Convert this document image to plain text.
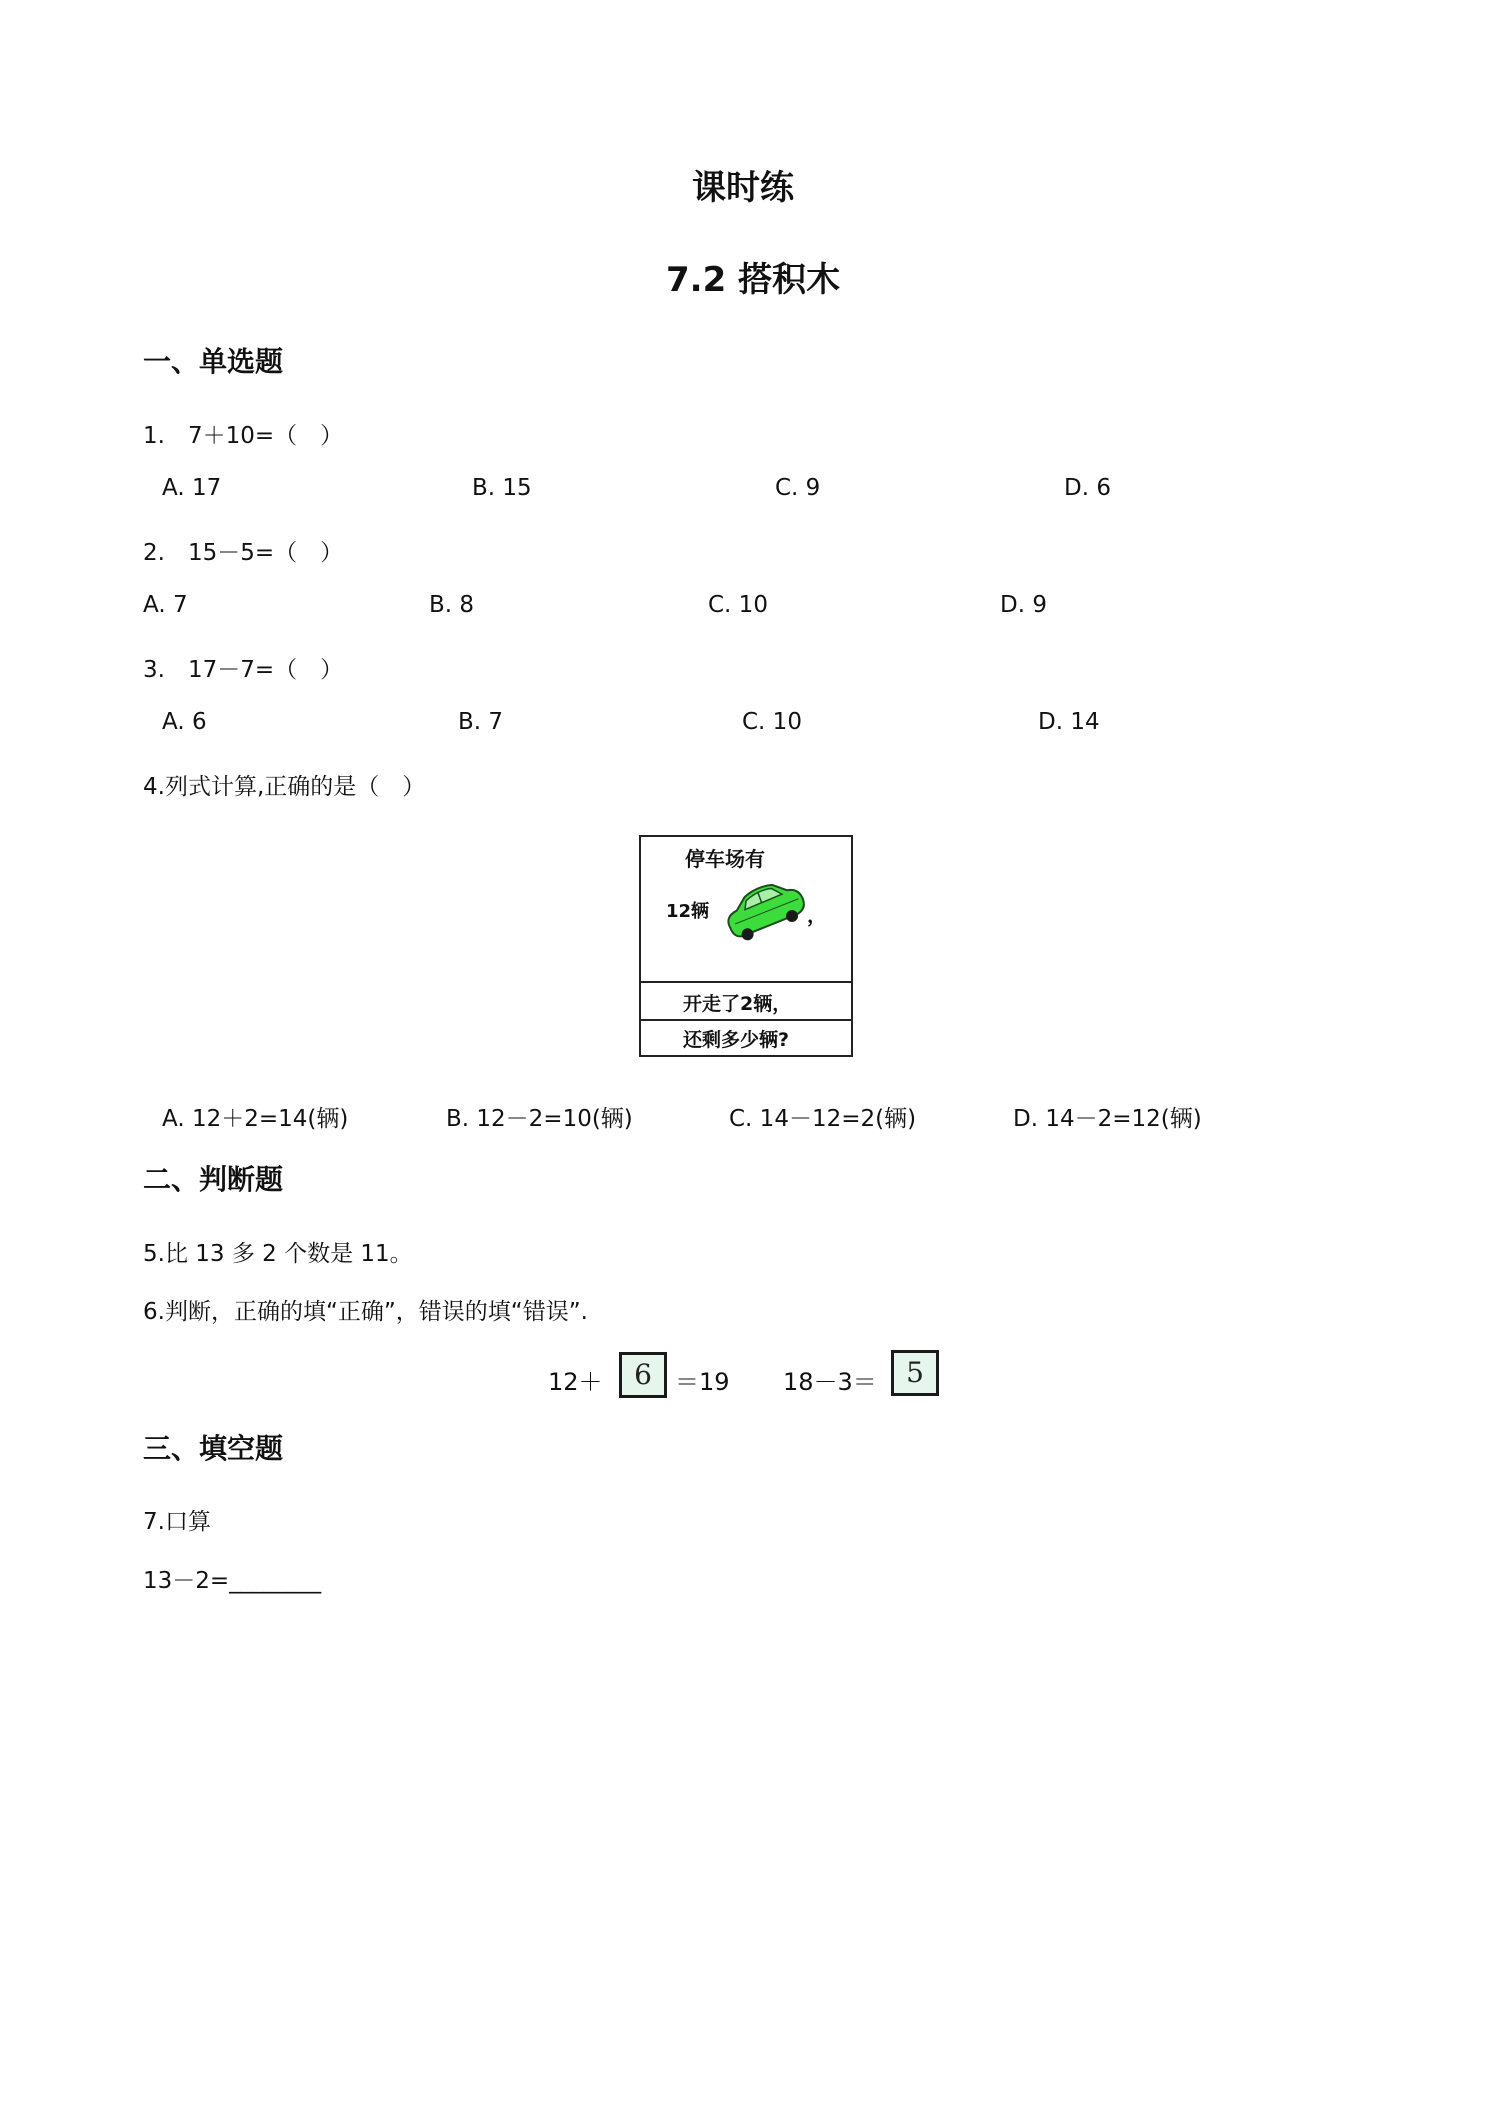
课时练
7.2 搭积木
一、单选题
1.　7＋10=（　）
A. 17	B. 15	C. 9	D. 6
2.　15－5=（　）
A. 7	B. 8	C. 10	D. 9
3.　17－7=（　）
A. 6	B. 7	C. 10	D. 14
4.列式计算,正确的是（　）
停车场有
12辆	，
开走了2辆，
还剩多少辆?
A. 12＋2=14(辆)	B. 12－2=10(辆)	C. 14－12=2(辆)	D. 14－2=12(辆)
二、判断题
5.比 13 多 2 个数是 11。
6.判断，正确的填“正确”，错误的填“错误”.
12＋	6 ＝19 18－3＝	5
三、填空题
7.口算
13－2=________
